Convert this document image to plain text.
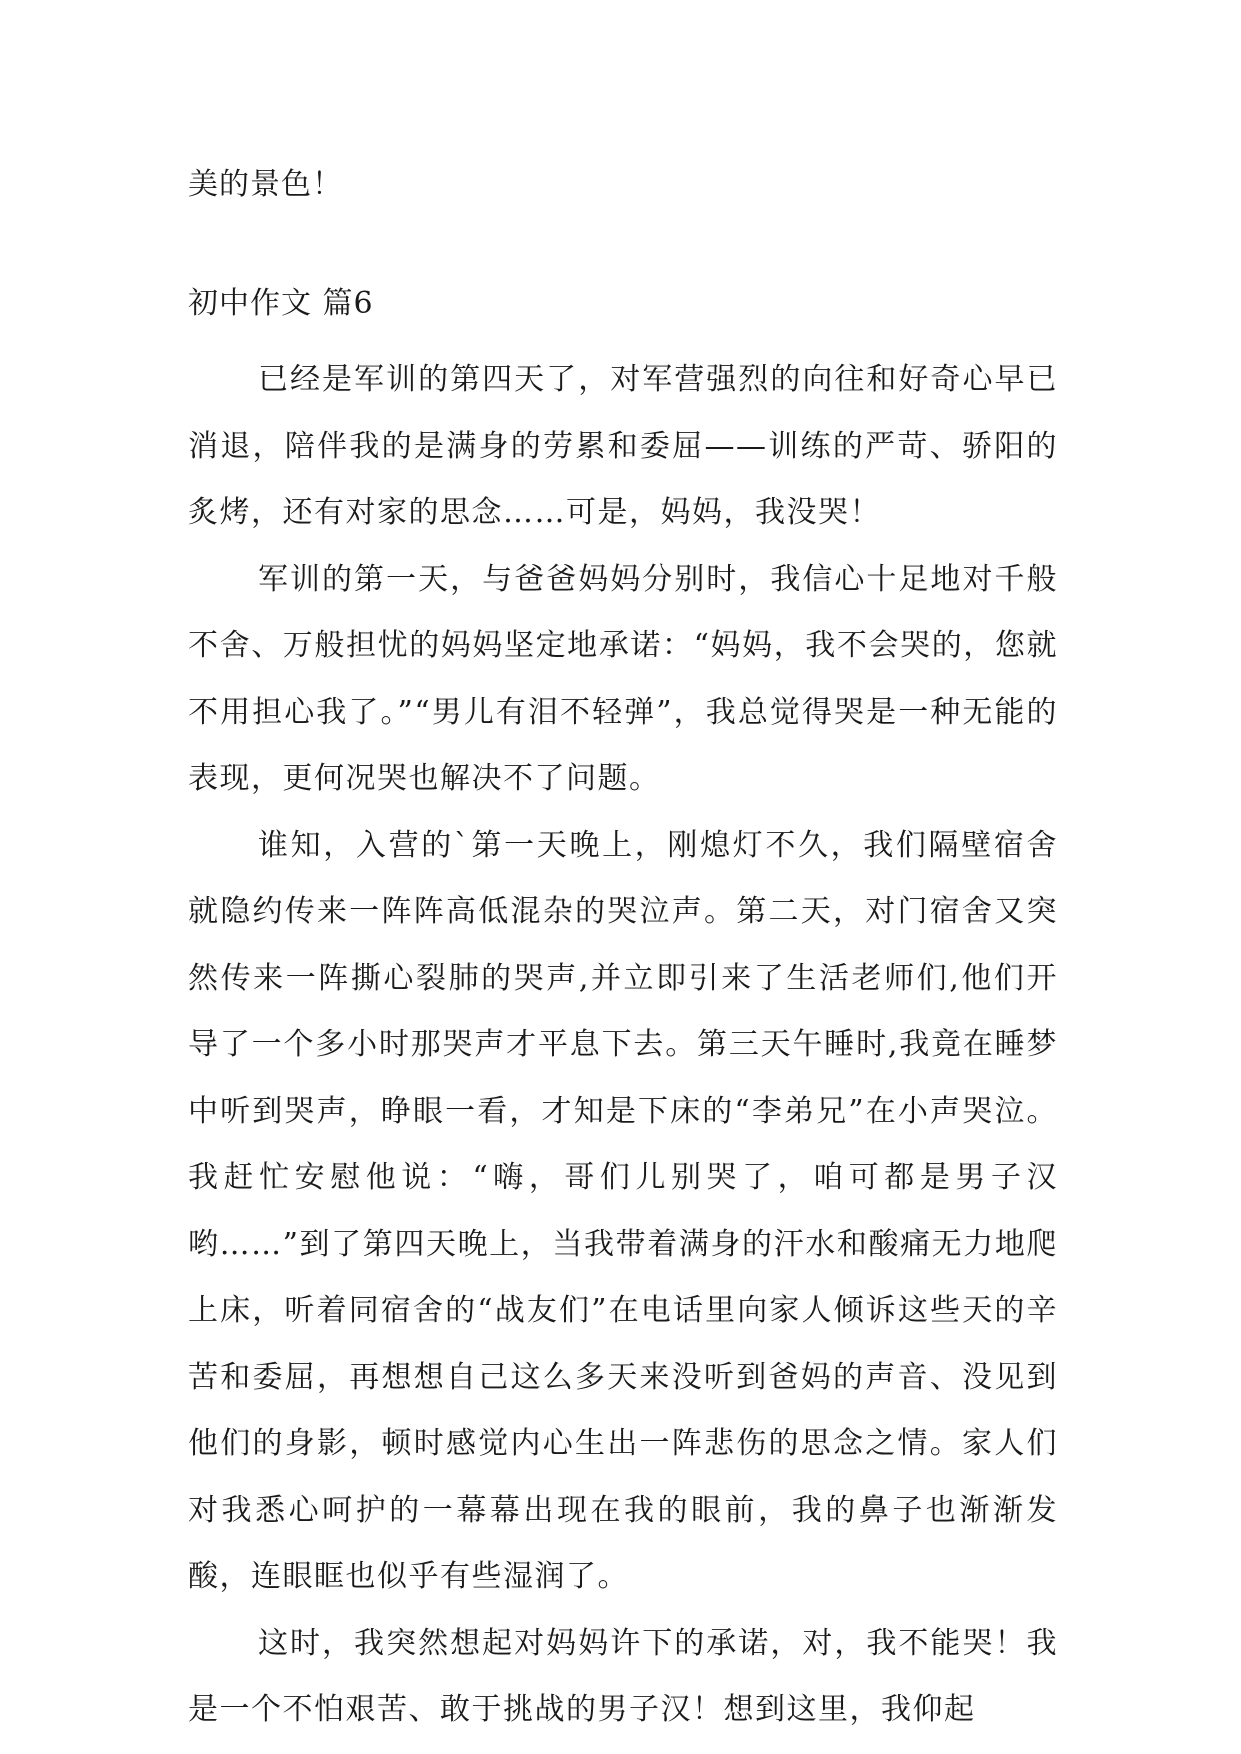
美的景色！
初中作文 篇6

已经是军训的第四天了，对军营强烈的向往和好奇心早已消退，陪伴我的是满身的劳累和委屈——训练的严苛、骄阳的炙烤，还有对家的思念……可是，妈妈，我没哭！

军训的第一天，与爸爸妈妈分别时，我信心十足地对千般不舍、万般担忧的妈妈坚定地承诺：“妈妈，我不会哭的，您就不用担心我了。”“男儿有泪不轻弹”，我总觉得哭是一种无能的表现，更何况哭也解决不了问题。

谁知，入营的`第一天晚上，刚熄灯不久，我们隔壁宿舍就隐约传来一阵阵高低混杂的哭泣声。第二天，对门宿舍又突然传来一阵撕心裂肺的哭声,并立即引来了生活老师们,他们开导了一个多小时那哭声才平息下去。第三天午睡时,我竟在睡梦中听到哭声，睁眼一看，才知是下床的“李弟兄”在小声哭泣。我赶忙安慰他说：“嗨，哥们儿别哭了，咱可都是男子汉哟……”到了第四天晚上，当我带着满身的汗水和酸痛无力地爬上床，听着同宿舍的“战友们”在电话里向家人倾诉这些天的辛苦和委屈，再想想自己这么多天来没听到爸妈的声音、没见到他们的身影，顿时感觉内心生出一阵悲伤的思念之情。家人们对我悉心呵护的一幕幕出现在我的眼前，我的鼻子也渐渐发酸，连眼眶也似乎有些湿润了。

这时，我突然想起对妈妈许下的承诺，对，我不能哭！我是一个不怕艰苦、敢于挑战的男子汉！想到这里，我仰起
